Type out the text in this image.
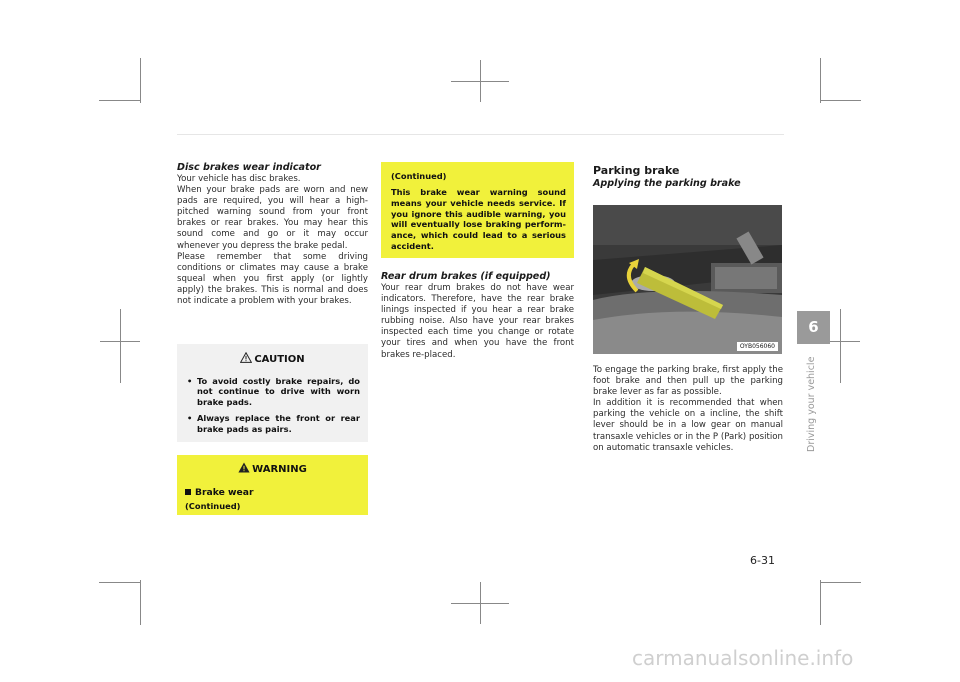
Disc brakes wear indicator

Your vehicle has disc brakes.

When your brake pads are worn and new pads are required, you will hear a high-pitched warning sound from your front brakes or rear brakes. You may hear this sound come and go or it may occur whenever you depress the brake pedal.

Please remember that some driving conditions or climates may cause a brake squeal when you first apply (or lightly apply) the brakes. This is normal and does not indicate a problem with your brakes.

CAUTION
• To avoid costly brake repairs, do not continue to drive with worn brake pads.
• Always replace the front or rear brake pads as pairs.
WARNING
Brake wear
(Continued)
(Continued)
This brake wear warning sound means your vehicle needs service. If you ignore this audible warning, you will eventually lose braking perform-ance, which could lead to a serious accident.

Rear drum brakes (if equipped)

Your rear drum brakes do not have wear indicators. Therefore, have the rear brake linings inspected if you hear a rear brake rubbing noise. Also have your rear brakes inspected each time you change or rotate your tires and when you have the front brakes re-placed.

Parking brake

Applying the parking brake

OYB056060

To engage the parking brake, first apply the foot brake and then pull up the parking brake lever as far as possible.

In addition it is recommended that when parking the vehicle on a incline, the shift lever should be in a low gear on manual transaxle vehicles or in the P (Park) position on automatic transaxle vehicles.

6
Driving your vehicle
6-31
carmanualsonline.info
